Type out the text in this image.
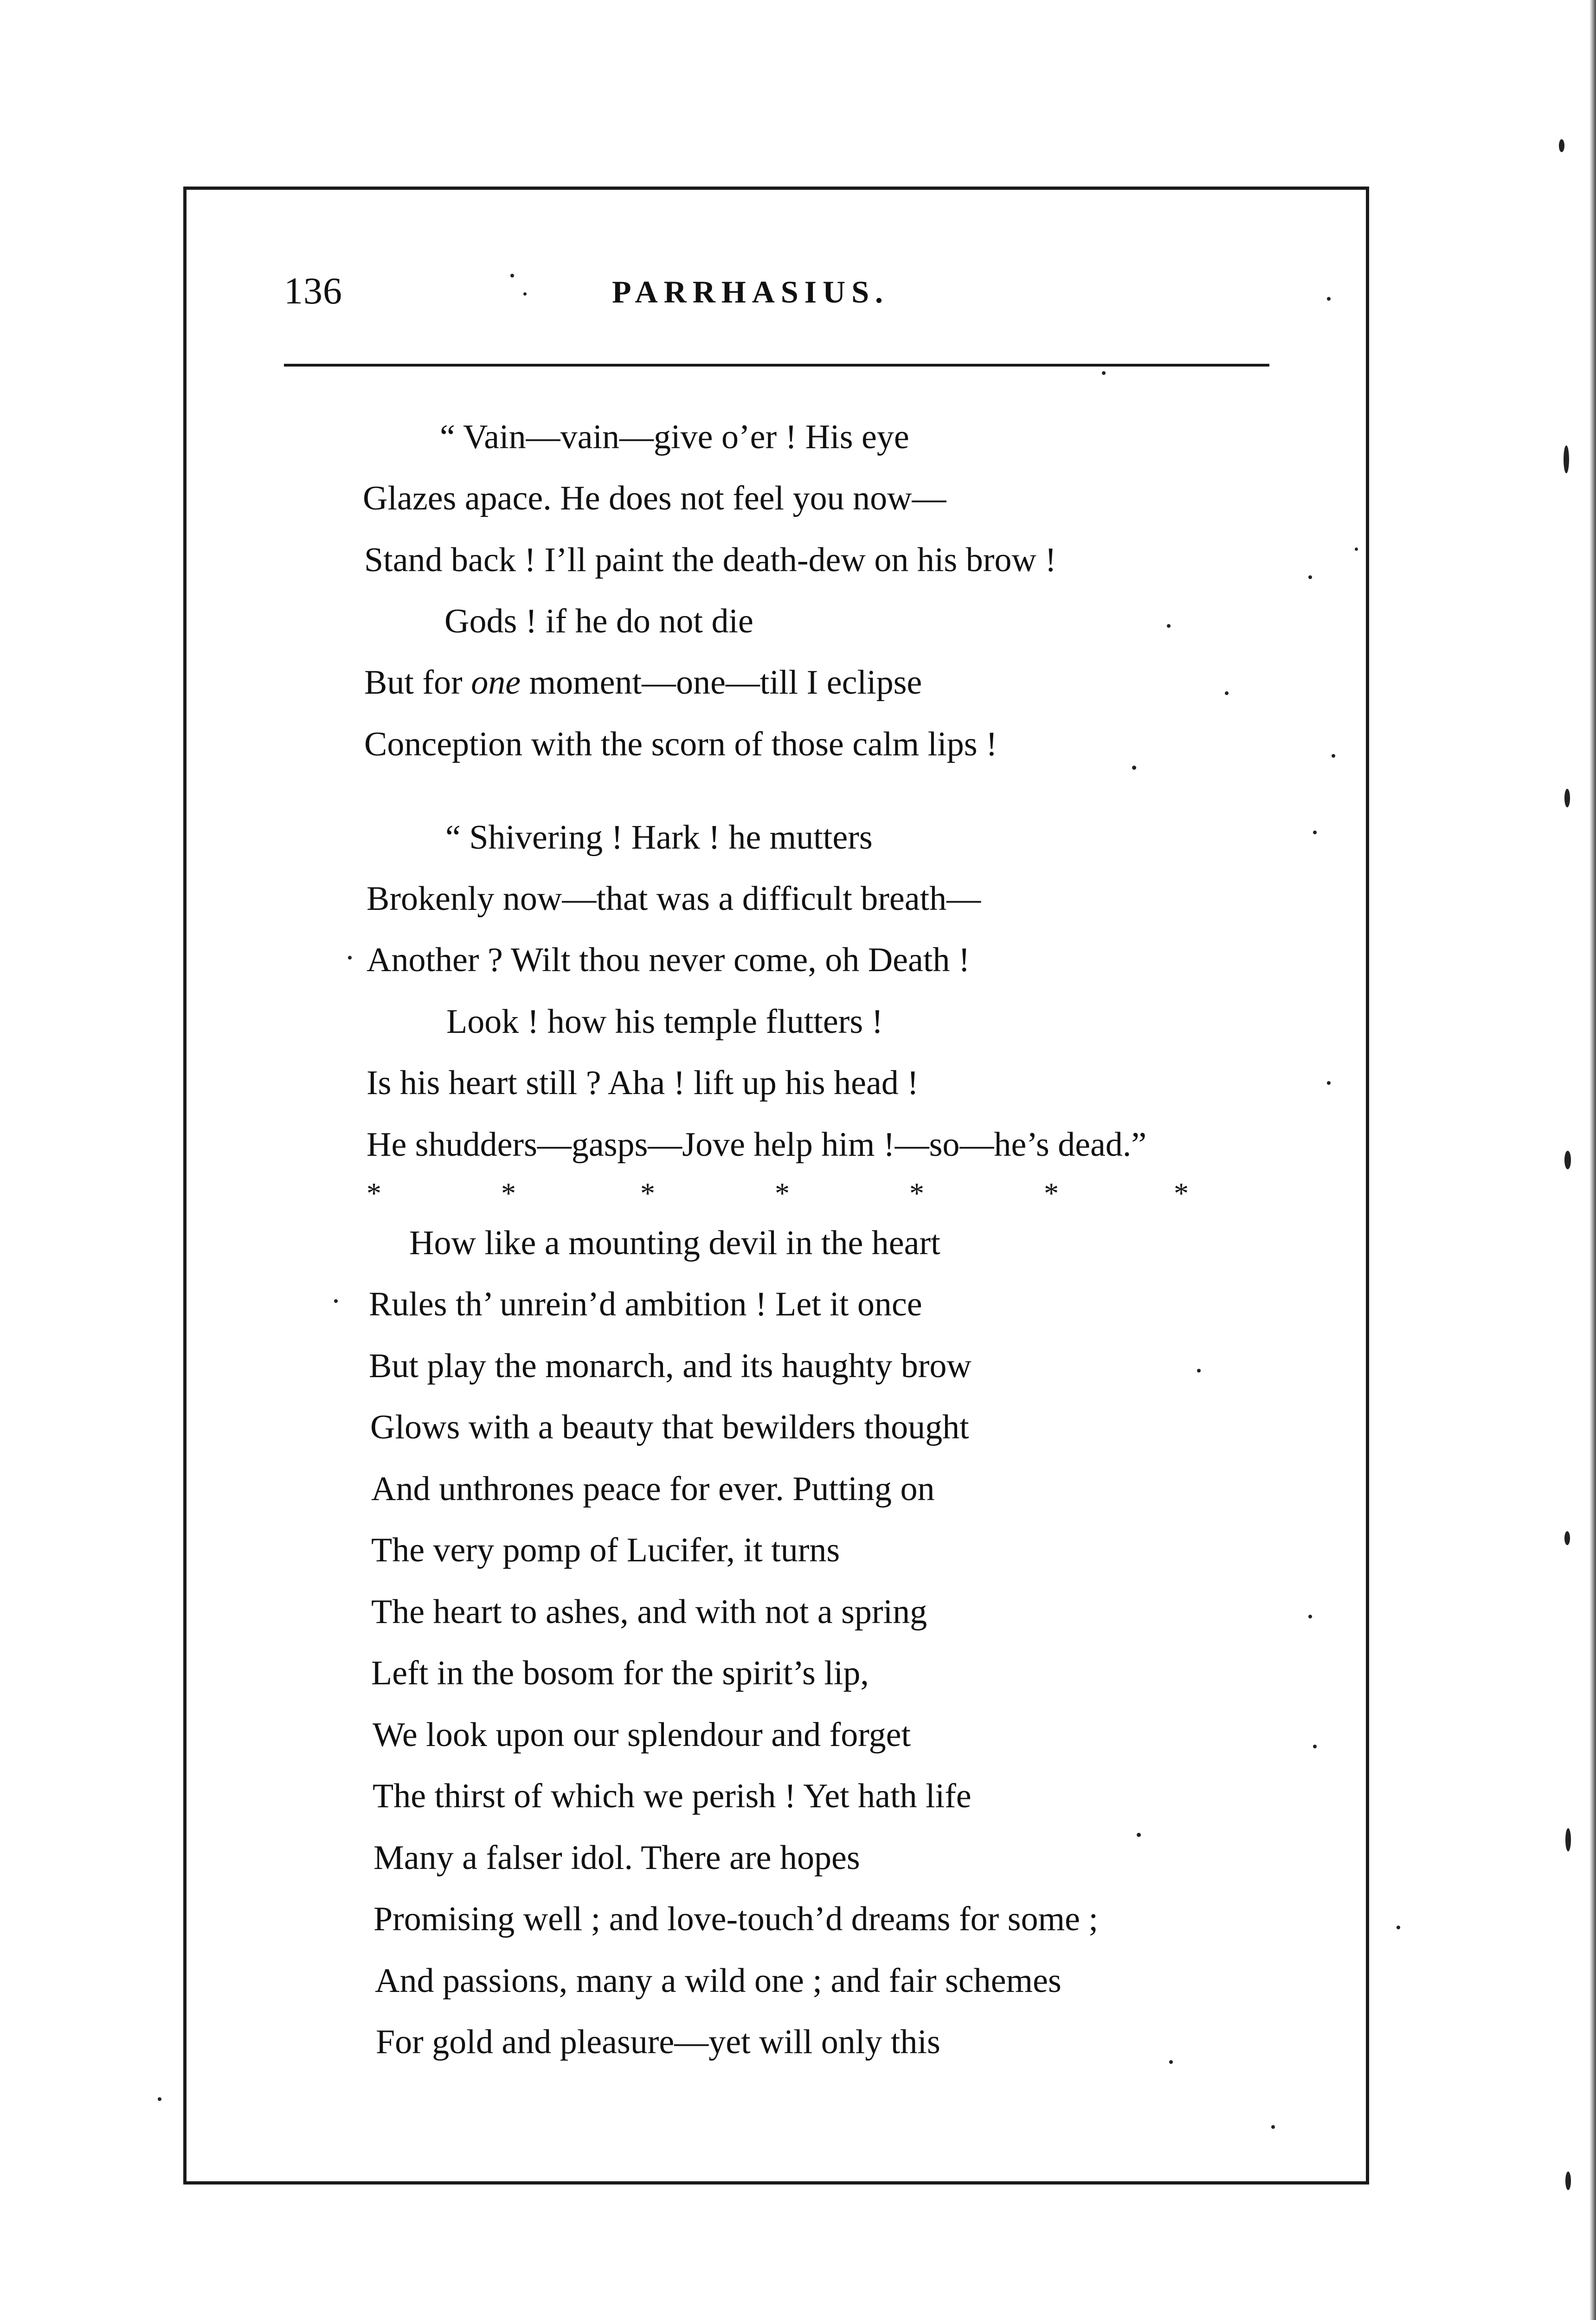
136	PARRHASIUS.
“ Vain—vain—give o’er ! His eye
Glazes apace. He does not feel you now—
Stand back ! I’ll paint the death-dew on his brow !
Gods ! if he do not die
But for one moment—one—till I eclipse
Conception with the scorn of those calm lips !
“ Shivering ! Hark ! he mutters
Brokenly now—that was a difficult breath—
Another ? Wilt thou never come, oh Death !
Look ! how his temple flutters !
Is his heart still ? Aha ! lift up his head !
He shudders—gasps—Jove help him !—so—he’s dead.”
How like a mounting devil in the heart
Rules th’ unrein’d ambition ! Let it once
But play the monarch, and its haughty brow
Glows with a beauty that bewilders thought
And unthrones peace for ever. Putting on
The very pomp of Lucifer, it turns
The heart to ashes, and with not a spring
Left in the bosom for the spirit’s lip,
We look upon our splendour and forget
The thirst of which we perish ! Yet hath life
Many a falser idol. There are hopes
Promising well ; and love-touch’d dreams for some ;
And passions, many a wild one ; and fair schemes
For gold and pleasure—yet will only this
*	*	*	*	*	*	*
